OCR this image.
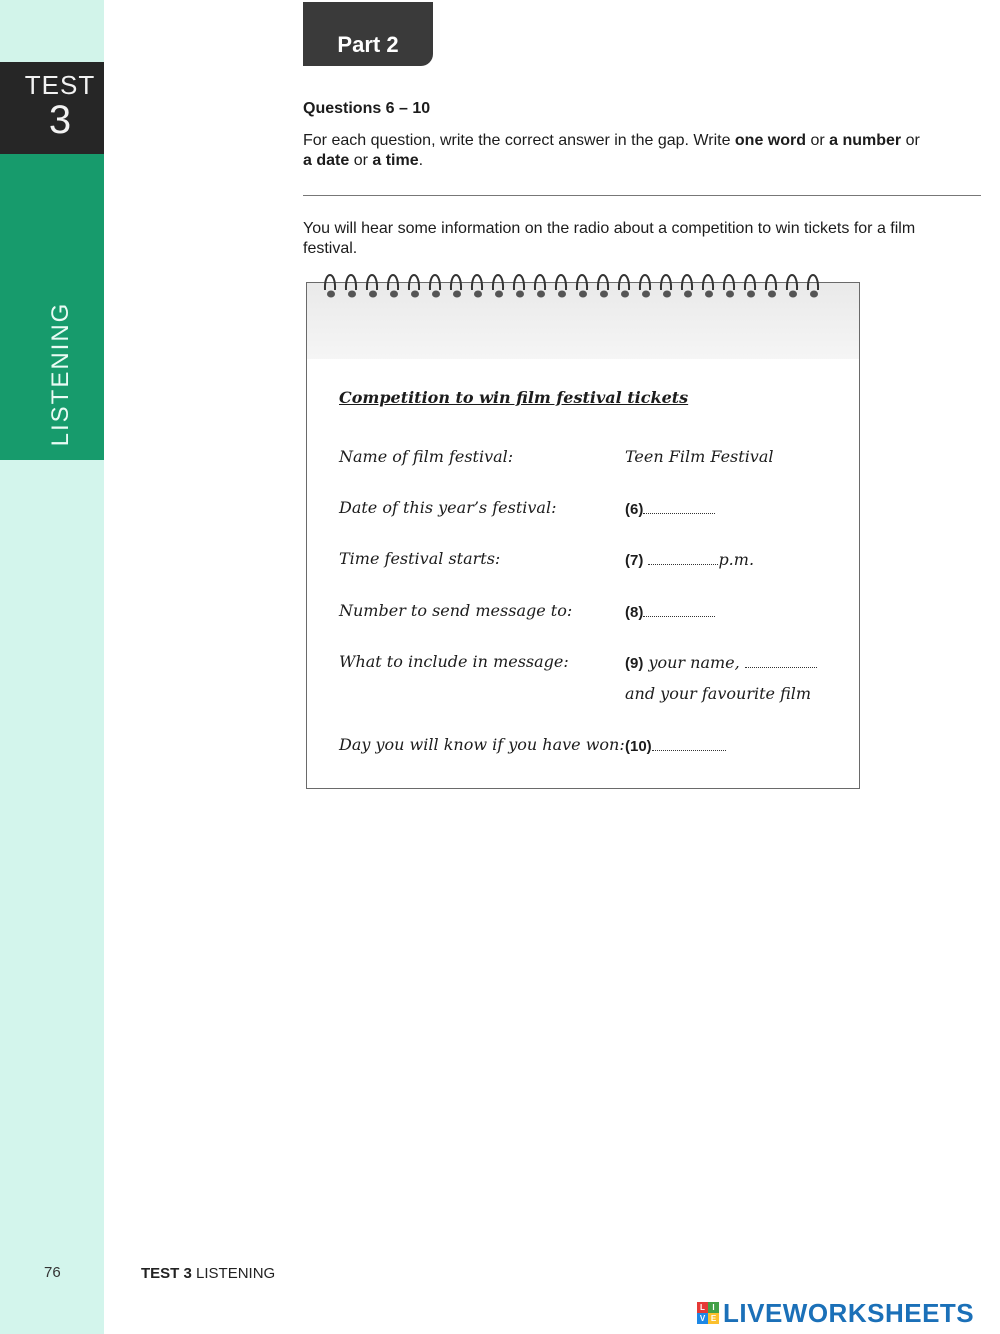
TEST
3
LISTENING
Part 2
Questions 6 – 10
For each question, write the correct answer in the gap. Write one word or a number or
a date or a time.
You will hear some information on the radio about a competition to win tickets for a film festival.
Competition to win film festival tickets
Name of film festival:	Teen Film Festival
Date of this year’s festival:	(6)
Time festival starts:	(7)	p.m.
Number to send message to:	(8)
What to include in message:	(9) your name,
and your favourite film
Day you will know if you have won: (10)
76	TEST 3 LISTENING
L I
V E LIVEWORKSHEETS
